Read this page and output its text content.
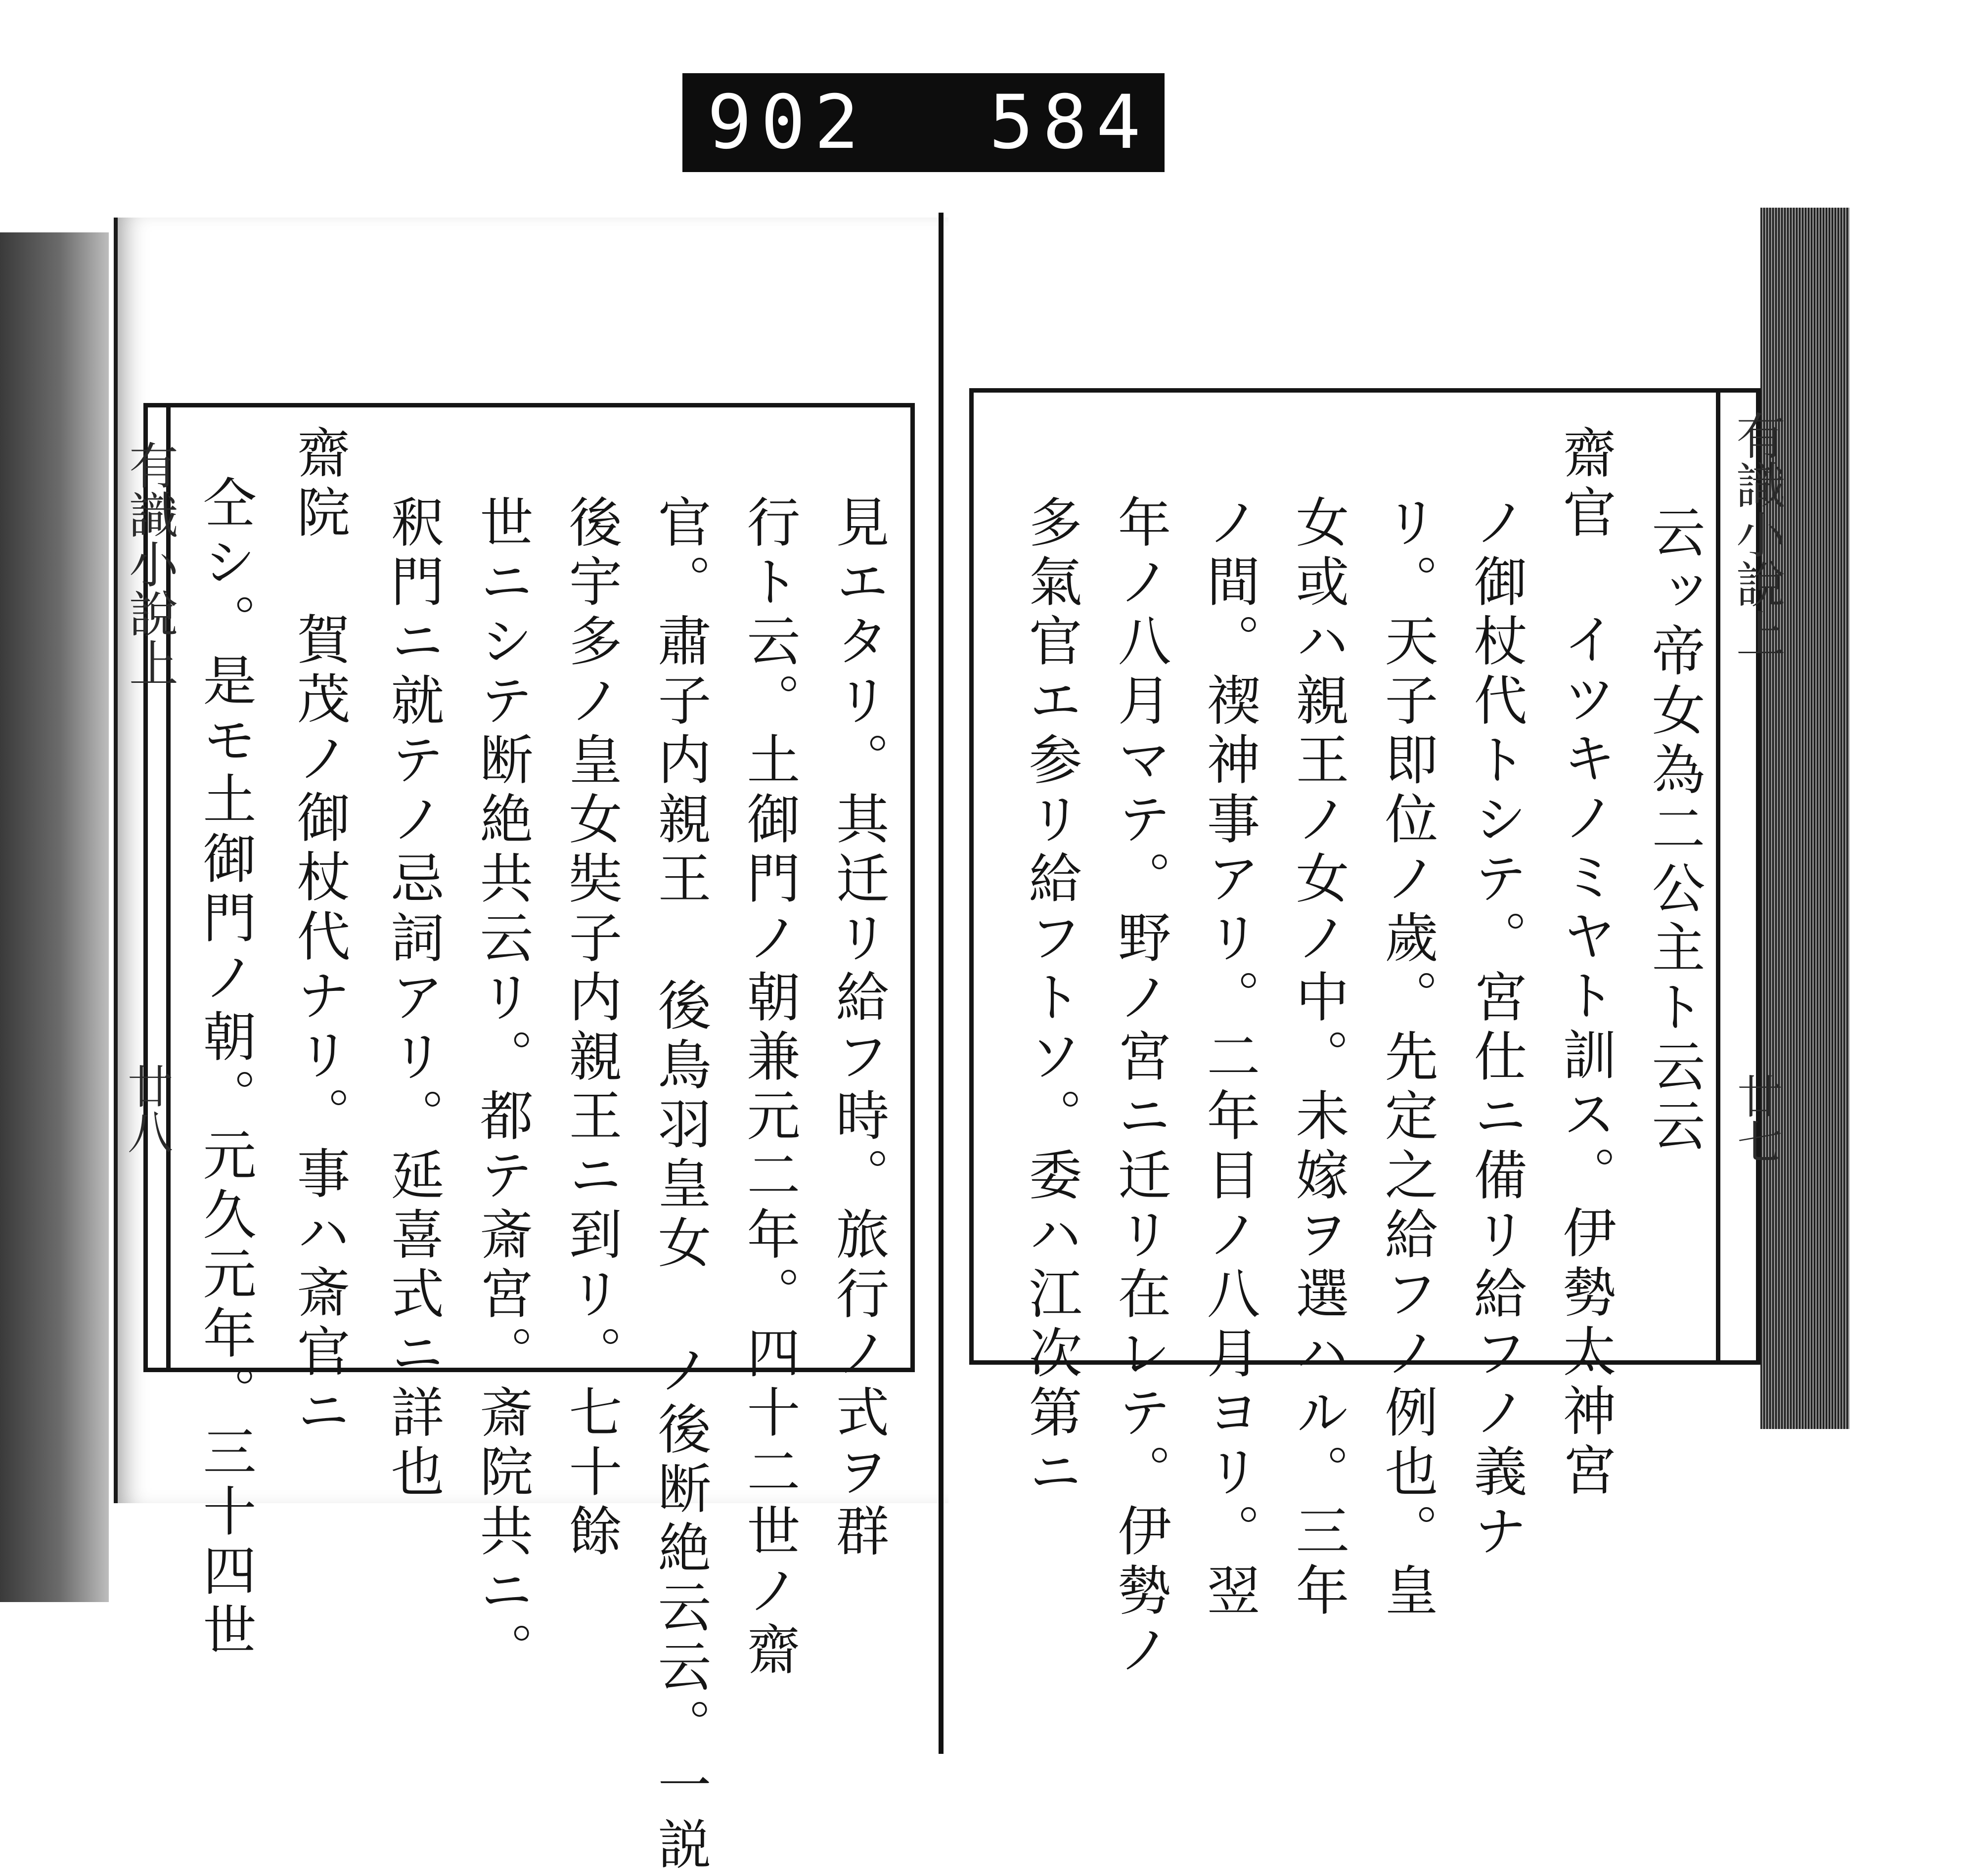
902 584.
有識小說上
廿八
有識小說上
廿七
云ッ帝女為二公主ト云云
齋官 イツキノミヤト訓ス。伊勢太神宮
ノ御杖代トシテ。宮仕ニ備リ給フノ義ナ
リ。天子即位ノ歲。先定之給フノ例也。皇
女或ハ親王ノ女ノ中。未嫁ヲ選ハル。三年
ノ間。禊神事アリ。二年目ノ八月ヨリ。翌
年ノ八月マテ。野ノ宮ニ迁リ在レテ。伊勢ノ
多氣官エ参リ給フトソ。委ハ江次第ニ
見エタリ。其迁リ給フ時。旅行ノ式ヲ群
行ト云。土御門ノ朝兼元二年。四十二世ノ齋
官。肅子内親王 後鳥羽皇女 ノ後断絶云云。一説
後宇多ノ皇女奘子内親王ニ到リ。七十餘
世ニシテ断絶共云リ。都テ斎宮。斎院共ニ。
釈門ニ就テノ忌詞アリ。延喜式ニ詳也
齋院 賀茂ノ御杖代ナリ。事ハ斎官ニ
仝シ。是モ土御門ノ朝。元久元年。三十四世
